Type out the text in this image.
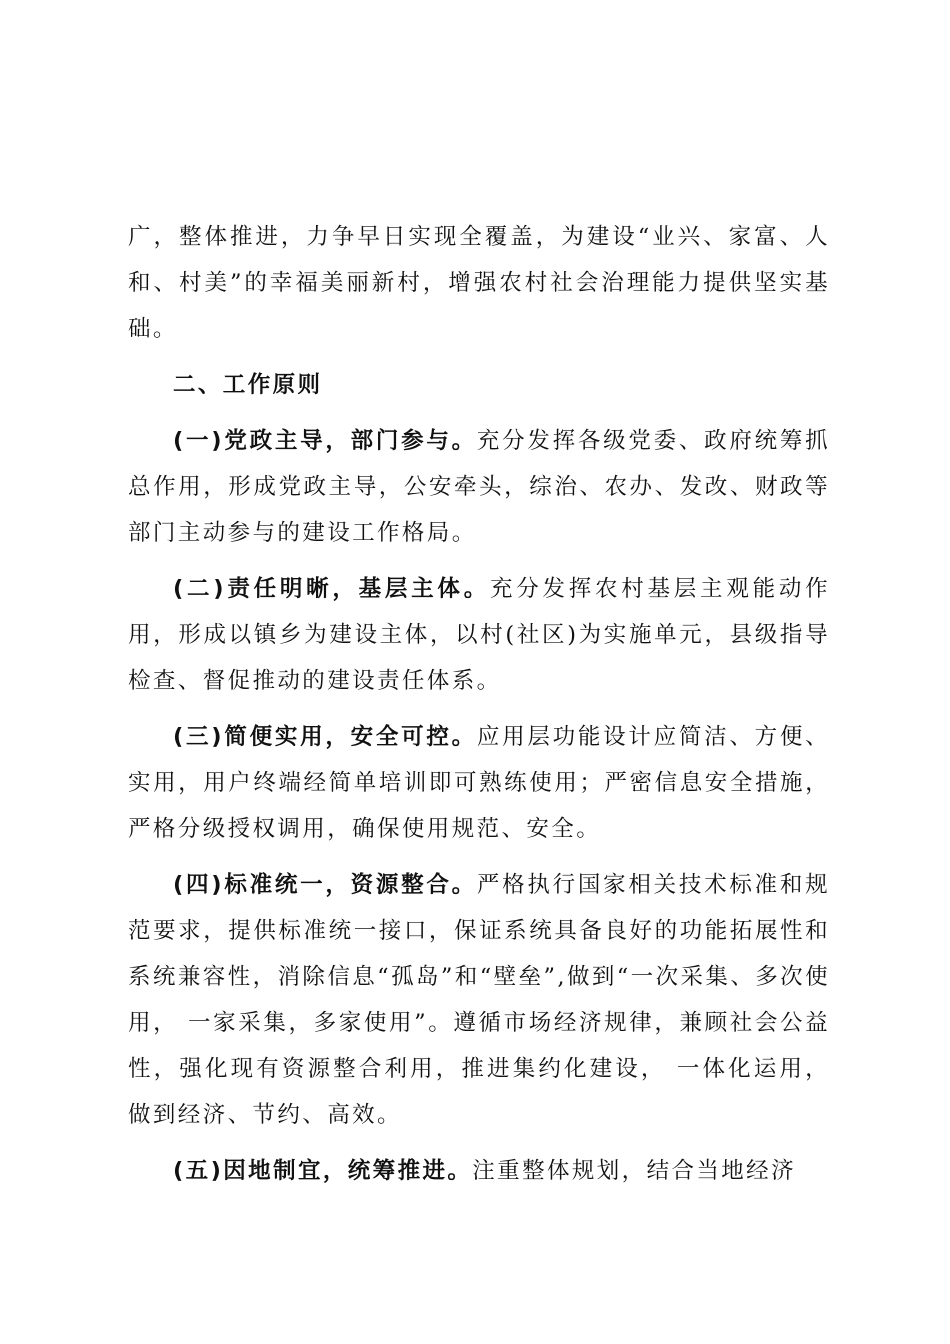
广，整体推进，力争早日实现全覆盖，为建设“业兴、家富、人和、村美”的幸福美丽新村，增强农村社会治理能力提供坚实基础。

二、工作原则

(一)党政主导，部门参与。充分发挥各级党委、政府统筹抓总作用，形成党政主导，公安牵头，综治、农办、发改、财政等部门主动参与的建设工作格局。

(二)责任明晰，基层主体。充分发挥农村基层主观能动作用，形成以镇乡为建设主体，以村(社区)为实施单元，县级指导检查、督促推动的建设责任体系。

(三)简便实用，安全可控。应用层功能设计应简洁、方便、实用，用户终端经简单培训即可熟练使用；严密信息安全措施，严格分级授权调用，确保使用规范、安全。

(四)标准统一，资源整合。严格执行国家相关技术标准和规范要求，提供标准统一接口，保证系统具备良好的功能拓展性和系统兼容性，消除信息“孤岛”和“壁垒”,做到“一次采集、多次使用， 一家采集，多家使用”。遵循市场经济规律，兼顾社会公益性，强化现有资源整合利用，推进集约化建设， 一体化运用，做到经济、节约、高效。

(五)因地制宜，统筹推进。注重整体规划，结合当地经济
